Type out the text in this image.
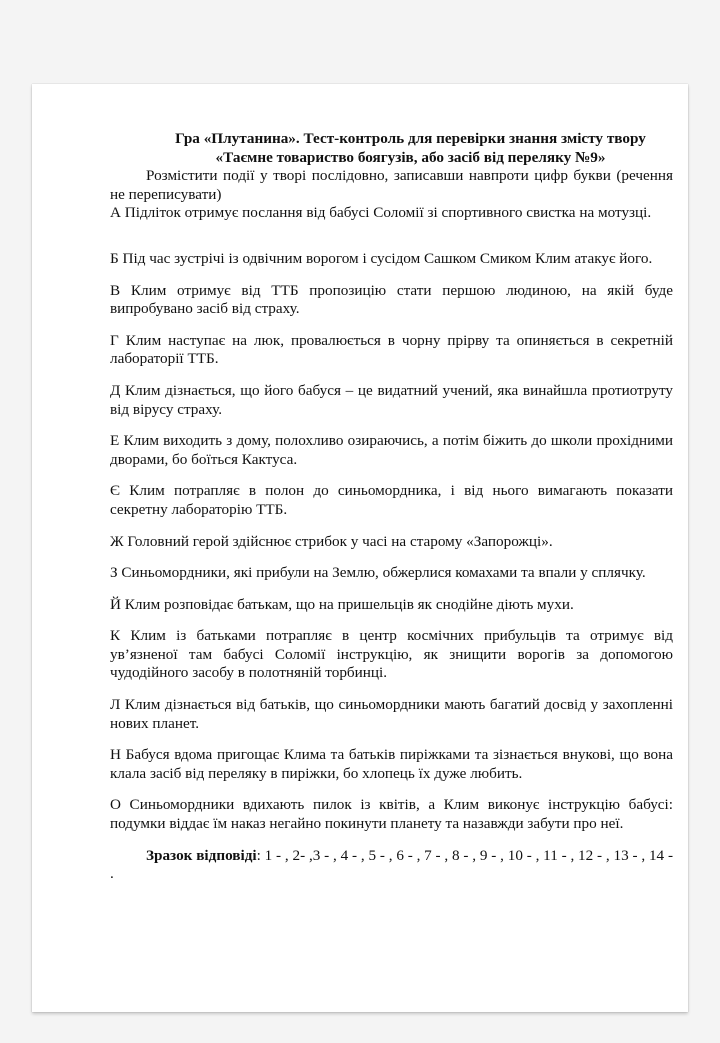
Гра «Плутанина». Тест-контроль для перевірки знання змісту твору
«Таємне товариство боягузів, або засіб від переляку №9»

Розмістити події у творі послідовно, записавши навпроти цифр букви (речення не переписувати)

А Підліток отримує послання від бабусі Соломії зі спортивного свистка на мотузці.

Б Під час зустрічі із одвічним ворогом і сусідом Сашком Смиком Клим атакує його.

В Клим отримує від ТТБ пропозицію стати першою людиною, на якій буде випробувано засіб від страху.

Г Клим наступає на люк, провалюється в чорну прірву та опиняється в секретній лабораторії ТТБ.

Д Клим дізнається, що його бабуся – це видатний учений, яка винайшла протиотруту від вірусу страху.

Е Клим виходить з дому, полохливо озираючись, а потім біжить до школи прохідними дворами, бо боїться Кактуса.

Є Клим потрапляє в полон до синьомордника, і від нього вимагають показати секретну лабораторію ТТБ.

Ж Головний герой здійснює стрибок у часі на старому «Запорожці».

З Синьомордники, які прибули на Землю, обжерлися комахами та впали у сплячку.

Й Клим розповідає батькам, що на пришельців як снодійне діють мухи.

К Клим із батьками потрапляє в центр космічних прибульців та отримує від ув’язненої там бабусі Соломії інструкцію, як знищити ворогів за допомогою чудодійного засобу в полотняній торбинці.

Л Клим дізнається від батьків, що синьомордники мають багатий досвід у захопленні нових планет.

Н Бабуся вдома пригощає Клима та батьків пиріжками та зізнається внукові, що вона клала засіб від переляку в пиріжки, бо хлопець їх дуже любить.

О Синьомордники вдихають пилок із квітів, а Клим виконує інструкцію бабусі: подумки віддає їм наказ негайно покинути планету та назавжди забути про неї.

Зразок відповіді: 1 - , 2- ,3 - , 4 - , 5 - , 6 - , 7 - , 8 - , 9 - , 10 - , 11 - , 12 - , 13 - , 14 - .
